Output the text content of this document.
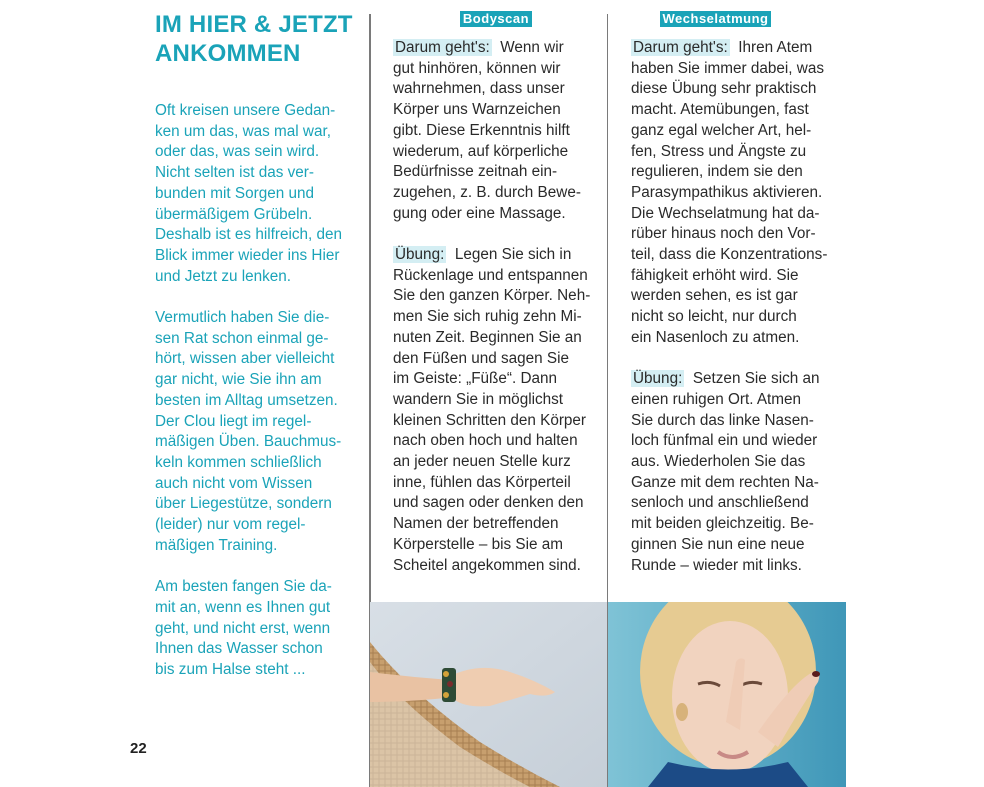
IM HIER & JETZT
ANKOMMEN

Oft kreisen unsere Gedan-
ken um das, was mal war,
oder das, was sein wird.
Nicht selten ist das ver-
bunden mit Sorgen und
übermäßigem Grübeln.
Deshalb ist es hilfreich, den
Blick immer wieder ins Hier
und Jetzt zu lenken.

Vermutlich haben Sie die-
sen Rat schon einmal ge-
hört, wissen aber vielleicht
gar nicht, wie Sie ihn am
besten im Alltag umsetzen.
Der Clou liegt im regel-
mäßigen Üben. Bauchmus-
keln kommen schließlich
auch nicht vom Wissen
über Liegestütze, sondern
(leider) nur vom regel-
mäßigen Training.

Am besten fangen Sie da-
mit an, wenn es Ihnen gut
geht, und nicht erst, wenn
Ihnen das Wasser schon
bis zum Halse steht ...

22
Bodyscan

Darum geht's: Wenn wir
gut hinhören, können wir
wahrnehmen, dass unser
Körper uns Warnzeichen
gibt. Diese Erkenntnis hilft
wiederum, auf körperliche
Bedürfnisse zeitnah ein-
zugehen, z. B. durch Bewe-
gung oder eine Massage.

Übung: Legen Sie sich in
Rückenlage und entspannen
Sie den ganzen Körper. Neh-
men Sie sich ruhig zehn Mi-
nuten Zeit. Beginnen Sie an
den Füßen und sagen Sie
im Geiste: „Füße“. Dann
wandern Sie in möglichst
kleinen Schritten den Körper
nach oben hoch und halten
an jeder neuen Stelle kurz
inne, fühlen das Körperteil
und sagen oder denken den
Namen der betreffenden
Körperstelle – bis Sie am
Scheitel angekommen sind.

Wechselatmung

Darum geht's: Ihren Atem
haben Sie immer dabei, was
diese Übung sehr praktisch
macht. Atemübungen, fast
ganz egal welcher Art, hel-
fen, Stress und Ängste zu
regulieren, indem sie den
Parasympathikus aktivieren.
Die Wechselatmung hat da-
rüber hinaus noch den Vor-
teil, dass die Konzentrations-
fähigkeit erhöht wird. Sie
werden sehen, es ist gar
nicht so leicht, nur durch
ein Nasenloch zu atmen.

Übung: Setzen Sie sich an
einen ruhigen Ort. Atmen
Sie durch das linke Nasen-
loch fünfmal ein und wieder
aus. Wiederholen Sie das
Ganze mit dem rechten Na-
senloch und anschließend
mit beiden gleichzeitig. Be-
ginnen Sie nun eine neue
Runde – wieder mit links.
